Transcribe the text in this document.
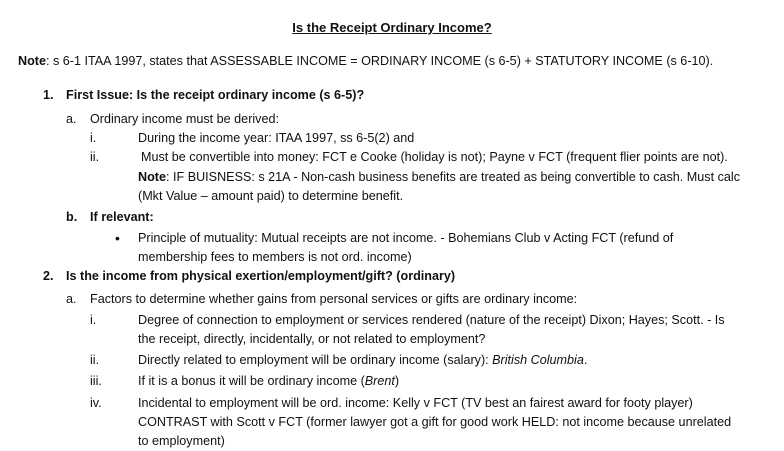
Is the Receipt Ordinary Income?
Note: s 6-1 ITAA 1997, states that ASSESSABLE INCOME = ORDINARY INCOME (s 6-5) + STATUTORY INCOME (s 6-10).
1. First Issue: Is the receipt ordinary income (s 6-5)?
a. Ordinary income must be derived:
i.	During the income year: ITAA 1997, ss 6-5(2) and
ii.	Must be convertible into money: FCT e Cooke (holiday is not); Payne v FCT (frequent flier points are not).
Note: IF BUISNESS: s 21A - Non-cash business benefits are treated as being convertible to cash. Must calc
(Mkt Value – amount paid) to determine benefit.
b. If relevant:
• Principle of mutuality: Mutual receipts are not income. - Bohemians Club v Acting FCT (refund of
membership fees to members is not ord. income)
2. Is the income from physical exertion/employment/gift? (ordinary)
a. Factors to determine whether gains from personal services or gifts are ordinary income:
i.	Degree of connection to employment or services rendered (nature of the receipt) Dixon; Hayes; Scott. - Is
the receipt, directly, incidentally, or not related to employment?
ii.	Directly related to employment will be ordinary income (salary): British Columbia.
iii.	If it is a bonus it will be ordinary income (Brent)
iv.	Incidental to employment will be ord. income: Kelly v FCT (TV best an fairest award for footy player)
CONTRAST with Scott v FCT (former lawyer got a gift for good work HELD: not income because unrelated
to employment)
